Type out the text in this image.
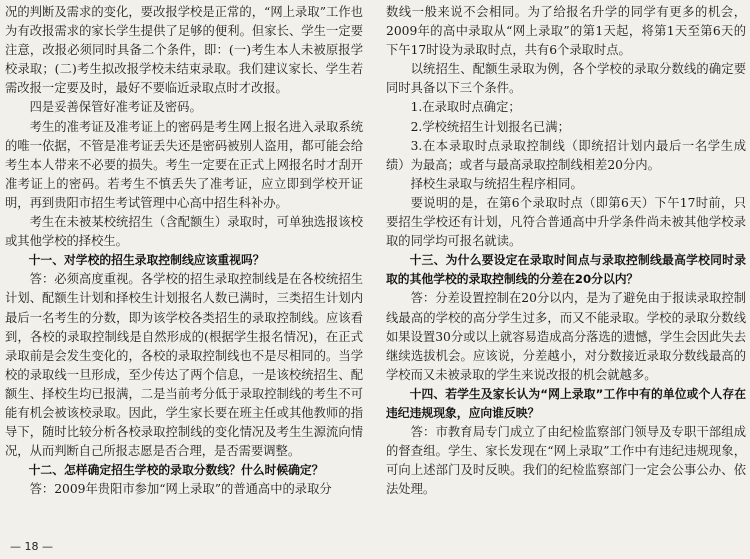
况的判断及需求的变化，要改报学校是正常的，“网上录取”工作也为有改报需求的家长学生提供了足够的便利。但家长、学生一定要注意，改报必须同时具备二个条件，即：(一)考生本人未被原报学校录取；(二)考生拟改报学校未结束录取。我们建议家长、学生若需改报一定要及时，最好不要临近录取点时才改报。

四是妥善保管好准考证及密码。

考生的准考证及准考证上的密码是考生网上报名进入录取系统的唯一依据，不管是准考证丢失还是密码被别人盗用，都可能会给考生本人带来不必要的损失。考生一定要在正式上网报名时才刮开准考证上的密码。若考生不慎丢失了准考证，应立即到学校开证明，再到贵阳市招生考试管理中心高中招生科补办。

考生在未被某校统招生（含配额生）录取时，可单独选报该校或其他学校的择校生。

十一、对学校的招生录取控制线应该重视吗？

答：必须高度重视。各学校的招生录取控制线是在各校统招生计划、配额生计划和择校生计划报名人数已满时，三类招生计划内最后一名考生的分数，即为该学校各类招生的录取控制线。应该看到，各校的录取控制线是自然形成的(根据学生报名情况)，在正式录取前是会发生变化的，各校的录取控制线也不是尽相同的。当学校的录取线一旦形成，至少传达了两个信息，一是该校统招生、配额生、择校生均已报满，二是当前考分低于录取控制线的考生不可能有机会被该校录取。因此，学生家长要在班主任或其他教师的指导下，随时比较分析各校录取控制线的变化情况及考生生源流向情况，从而判断自己所报志愿是否合理，是否需要调整。

十二、怎样确定招生学校的录取分数线？什么时候确定？

答：2009年贵阳市参加“网上录取”的普通高中的录取分

数线一般来说不会相同。为了给报名升学的同学有更多的机会，2009年的高中录取从“网上录取”的第1天起，将第1天至第6天的下午17时设为录取时点，共有6个录取时点。

以统招生、配额生录取为例，各个学校的录取分数线的确定要同时具备以下三个条件。

1.在录取时点确定；

2.学校统招生计划报名已满；

3.在本录取时点录取控制线（即统招计划内最后一名学生成绩）为最高；或者与最高录取控制线相差20分内。

择校生录取与统招生程序相同。

要说明的是，在第6个录取时点（即第6天）下午17时前，只要招生学校还有计划，凡符合普通高中升学条件尚未被其他学校录取的同学均可报名就读。

十三、为什么要设定在录取时间点与录取控制线最高学校同时录取的其他学校的录取控制线的分差在20分以内？

答：分差设置控制在20分以内，是为了避免由于报读录取控制线最高的学校的高分学生过多，而又不能录取。学校的录取分数线如果设置30分或以上就容易造成高分落选的遗憾，学生会因此失去继续选拔机会。应该说，分差越小，对分数接近录取分数线最高的学校而又未被录取的学生来说改报的机会就越多。

十四、若学生及家长认为“网上录取”工作中有的单位或个人存在违纪违规现象，应向谁反映？

答：市教育局专门成立了由纪检监察部门领导及专职干部组成的督查组。学生、家长发现在“网上录取”工作中有违纪违规现象，可向上述部门及时反映。我们的纪检监察部门一定会公事公办、依法处理。

— 18 —
